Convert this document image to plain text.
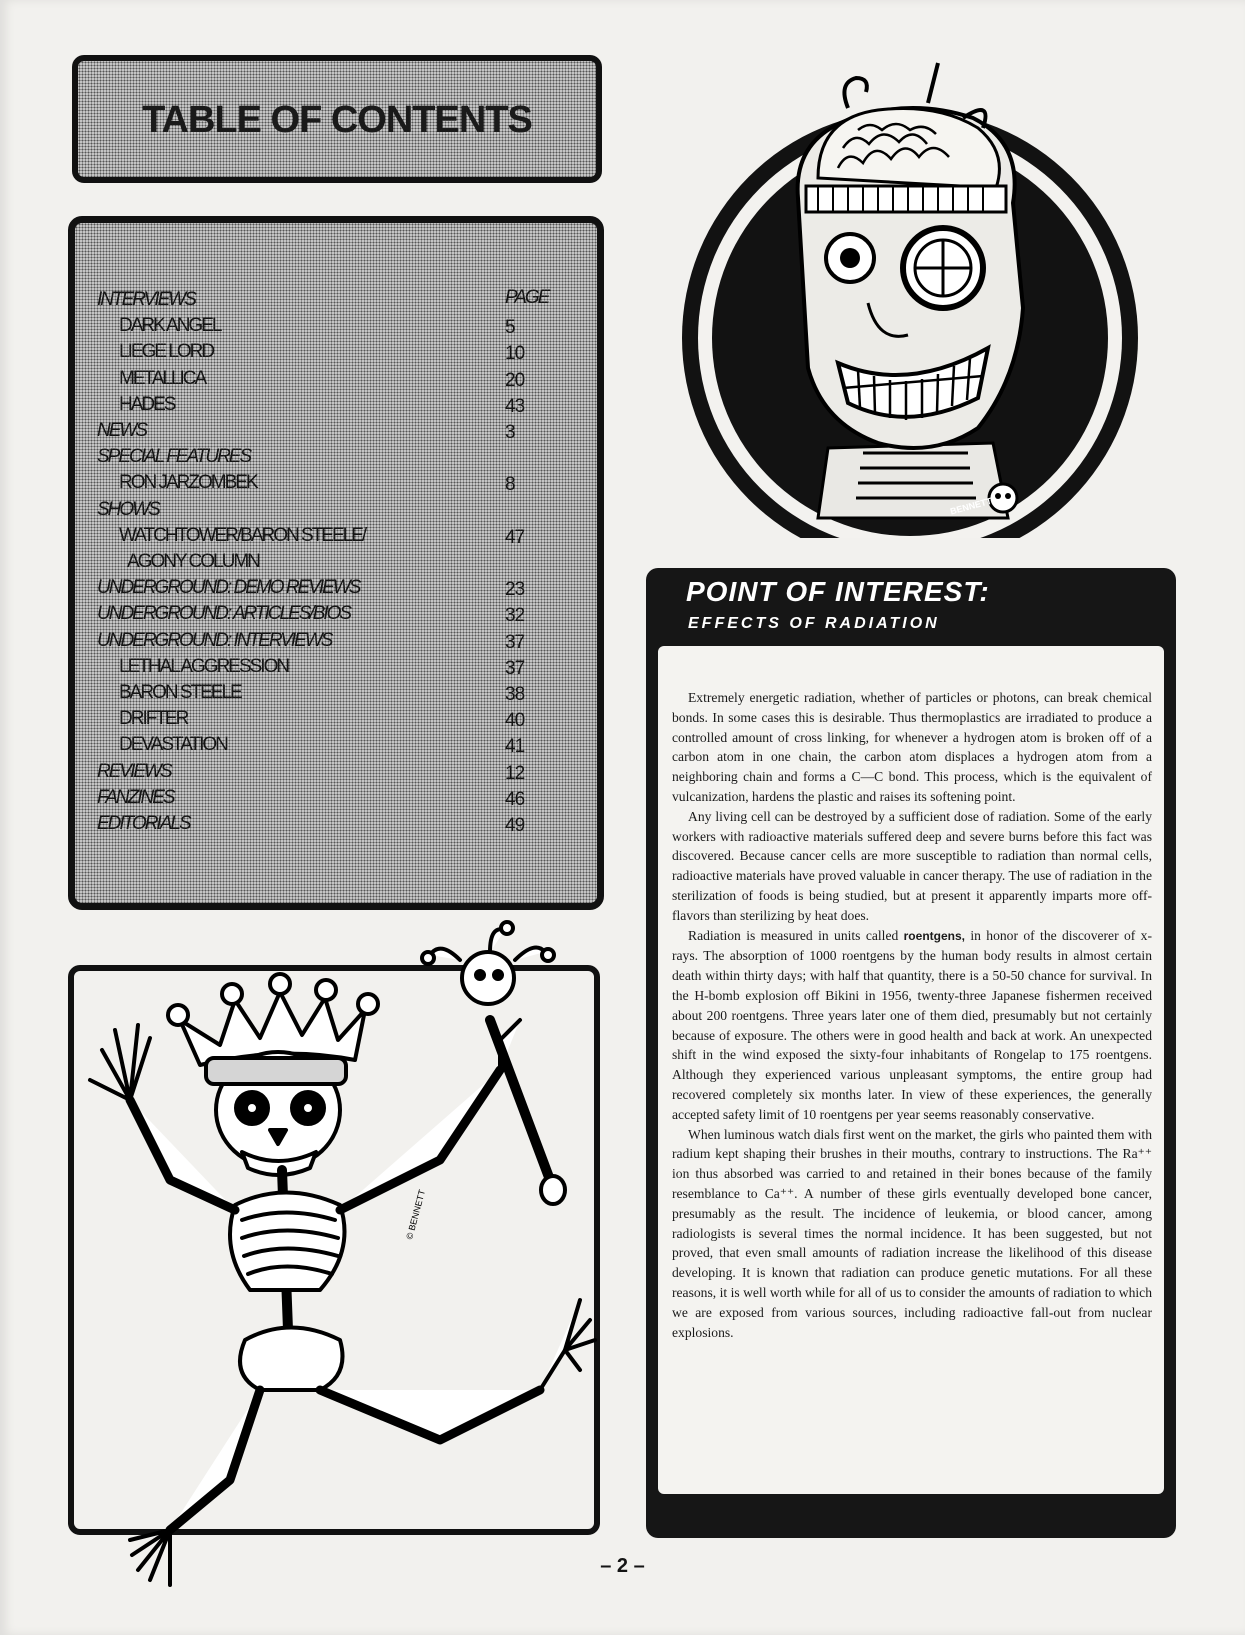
TABLE OF CONTENTS
PAGE
INTERVIEWS
DARK ANGEL	5
LIEGE LORD	10
METALLICA	20
HADES	43
NEWS	3
SPECIAL FEATURES
RON JARZOMBEK	8
SHOWS
WATCHTOWER/BARON STEELE/	47
AGONY COLUMN
UNDERGROUND: DEMO REVIEWS	23
UNDERGROUND: ARTICLES/BIOS	32
UNDERGROUND: INTERVIEWS	37
LETHAL AGGRESSION	37
BARON STEELE	38
DRIFTER	40
DEVASTATION	41
REVIEWS	12
FANZINES	46
EDITORIALS	49
BENNETT
© BENNETT
POINT OF INTEREST:
EFFECTS OF RADIATION

Extremely energetic radiation, whether of particles or photons, can break chemical bonds. In some cases this is desirable. Thus thermoplastics are irradiated to produce a controlled amount of cross linking, for whenever a hydrogen atom is broken off of a carbon atom in one chain, the carbon atom displaces a hydrogen atom from a neighboring chain and forms a C—C bond. This process, which is the equivalent of vulcanization, hardens the plastic and raises its softening point.

Any living cell can be destroyed by a sufficient dose of radiation. Some of the early workers with radioactive materials suffered deep and severe burns before this fact was discovered. Because cancer cells are more susceptible to radiation than normal cells, radioactive materials have proved valuable in cancer therapy. The use of radiation in the sterilization of foods is being studied, but at present it apparently imparts more off-flavors than sterilizing by heat does.

Radiation is measured in units called roentgens, in honor of the discoverer of x-rays. The absorption of 1000 roentgens by the human body results in almost certain death within thirty days; with half that quantity, there is a 50-50 chance for survival. In the H-bomb explosion off Bikini in 1956, twenty-three Japanese fishermen received about 200 roentgens. Three years later one of them died, presumably but not certainly because of exposure. The others were in good health and back at work. An unexpected shift in the wind exposed the sixty-four inhabitants of Rongelap to 175 roentgens. Although they experienced various unpleasant symptoms, the entire group had recovered completely six months later. In view of these experiences, the generally accepted safety limit of 10 roentgens per year seems reasonably conservative.

When luminous watch dials first went on the market, the girls who painted them with radium kept shaping their brushes in their mouths, contrary to instructions. The Ra⁺⁺ ion thus absorbed was carried to and retained in their bones because of the family resemblance to Ca⁺⁺. A number of these girls eventually developed bone cancer, presumably as the result. The incidence of leukemia, or blood cancer, among radiologists is several times the normal incidence. It has been suggested, but not proved, that even small amounts of radiation increase the likelihood of this disease developing. It is known that radiation can produce genetic mutations. For all these reasons, it is well worth while for all of us to consider the amounts of radiation to which we are exposed from various sources, including radioactive fall-out from nuclear explosions.

– 2 –
